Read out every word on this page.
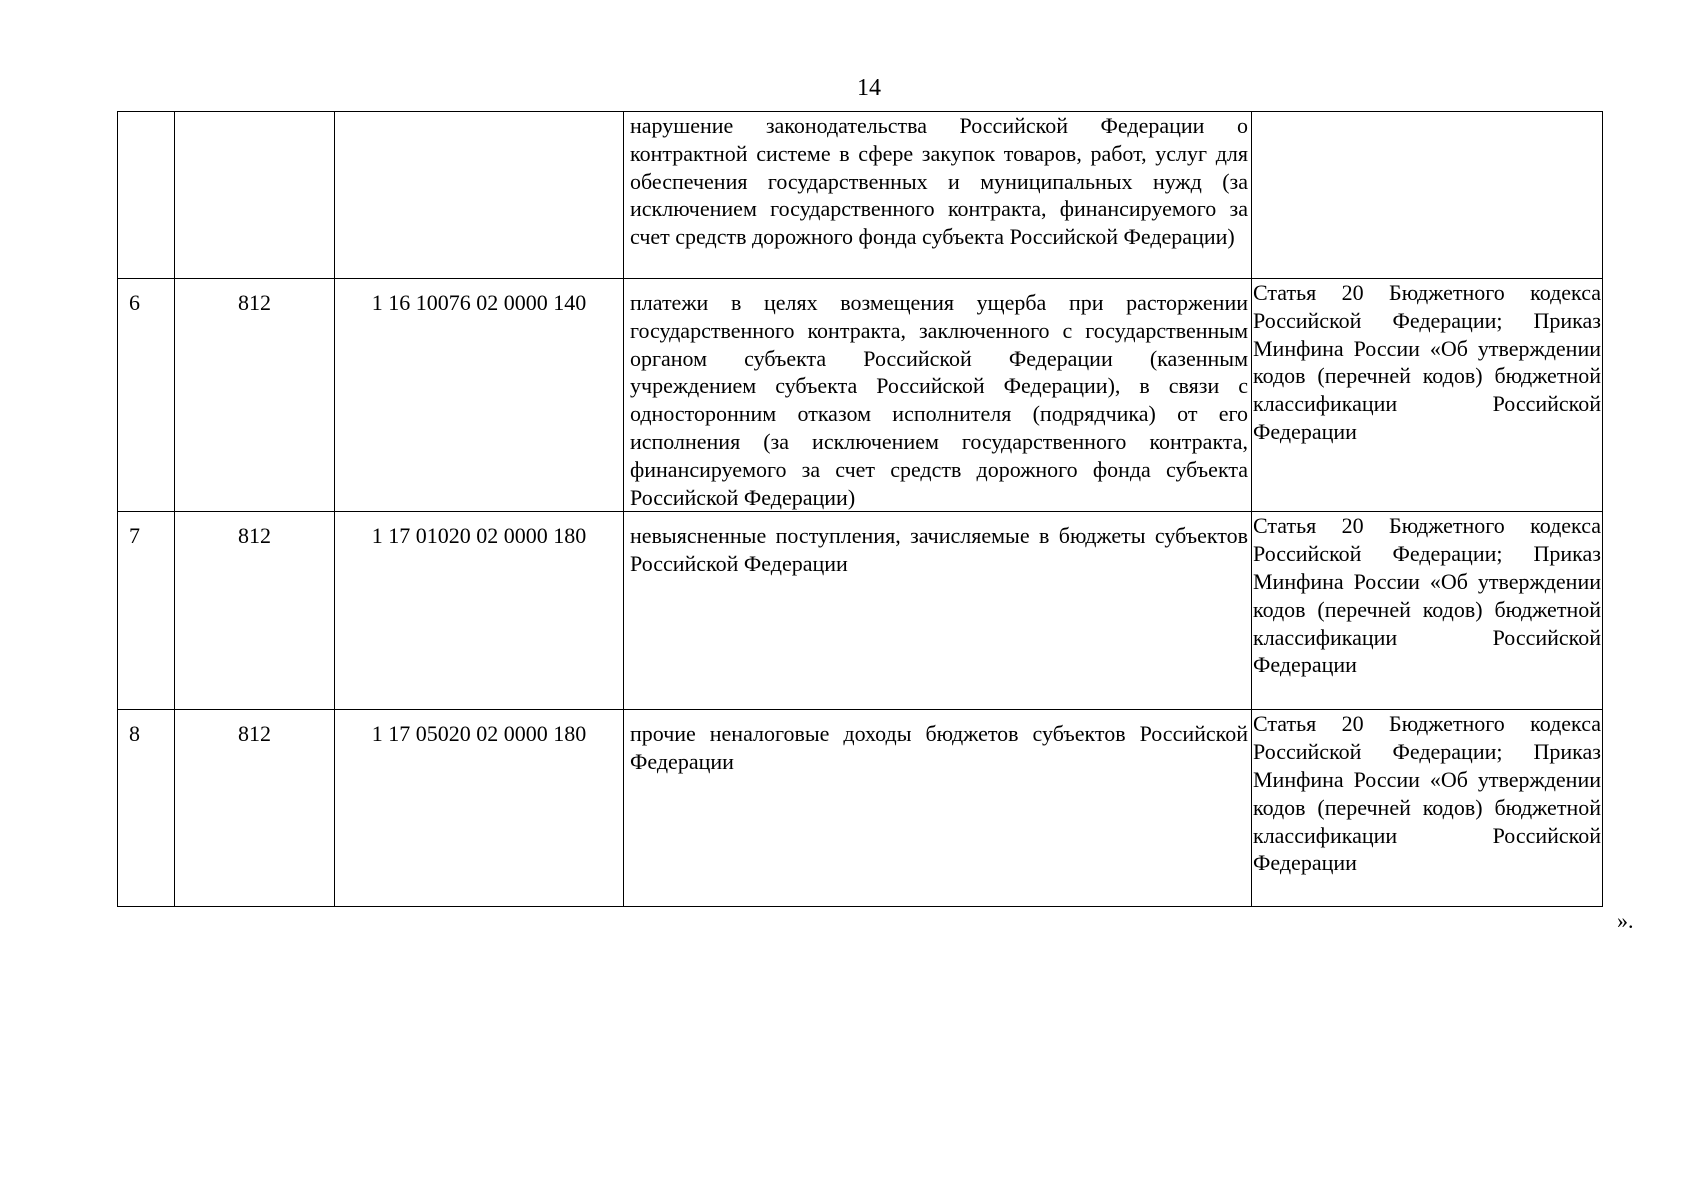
14

			нарушение законодательства Российской Федерации о контрактной системе в сфере закупок товаров, работ, услуг для обеспечения государственных и муниципальных нужд (за исключением государственного контракта, финансируемого за счет средств дорожного фонда субъекта Российской Федерации)	

6	812	1 16 10076 02 0000 140	платежи в целях возмещения ущерба при расторжении государственного контракта, заключенного с государственным органом субъекта Российской Федерации (казенным учреждением субъекта Российской Федерации), в связи с односторонним отказом исполнителя (подрядчика) от его исполнения (за исключением государственного контракта, финансируемого за счет средств дорожного фонда субъекта Российской Федерации)	Статья 20 Бюджетного кодекса Российской Федерации; Приказ Минфина России «Об утверждении кодов (перечней кодов) бюджетной классификации Российской Федерации

7	812	1 17 01020 02 0000 180	невыясненные поступления, зачисляемые в бюджеты субъектов Российской Федерации	Статья 20 Бюджетного кодекса Российской Федерации; Приказ Минфина России «Об утверждении кодов (перечней кодов) бюджетной классификации Российской Федерации

8	812	1 17 05020 02 0000 180	прочие неналоговые доходы бюджетов субъектов Российской Федерации	Статья 20 Бюджетного кодекса Российской Федерации; Приказ Минфина России «Об утверждении кодов (перечней кодов) бюджетной классификации Российской Федерации
».
